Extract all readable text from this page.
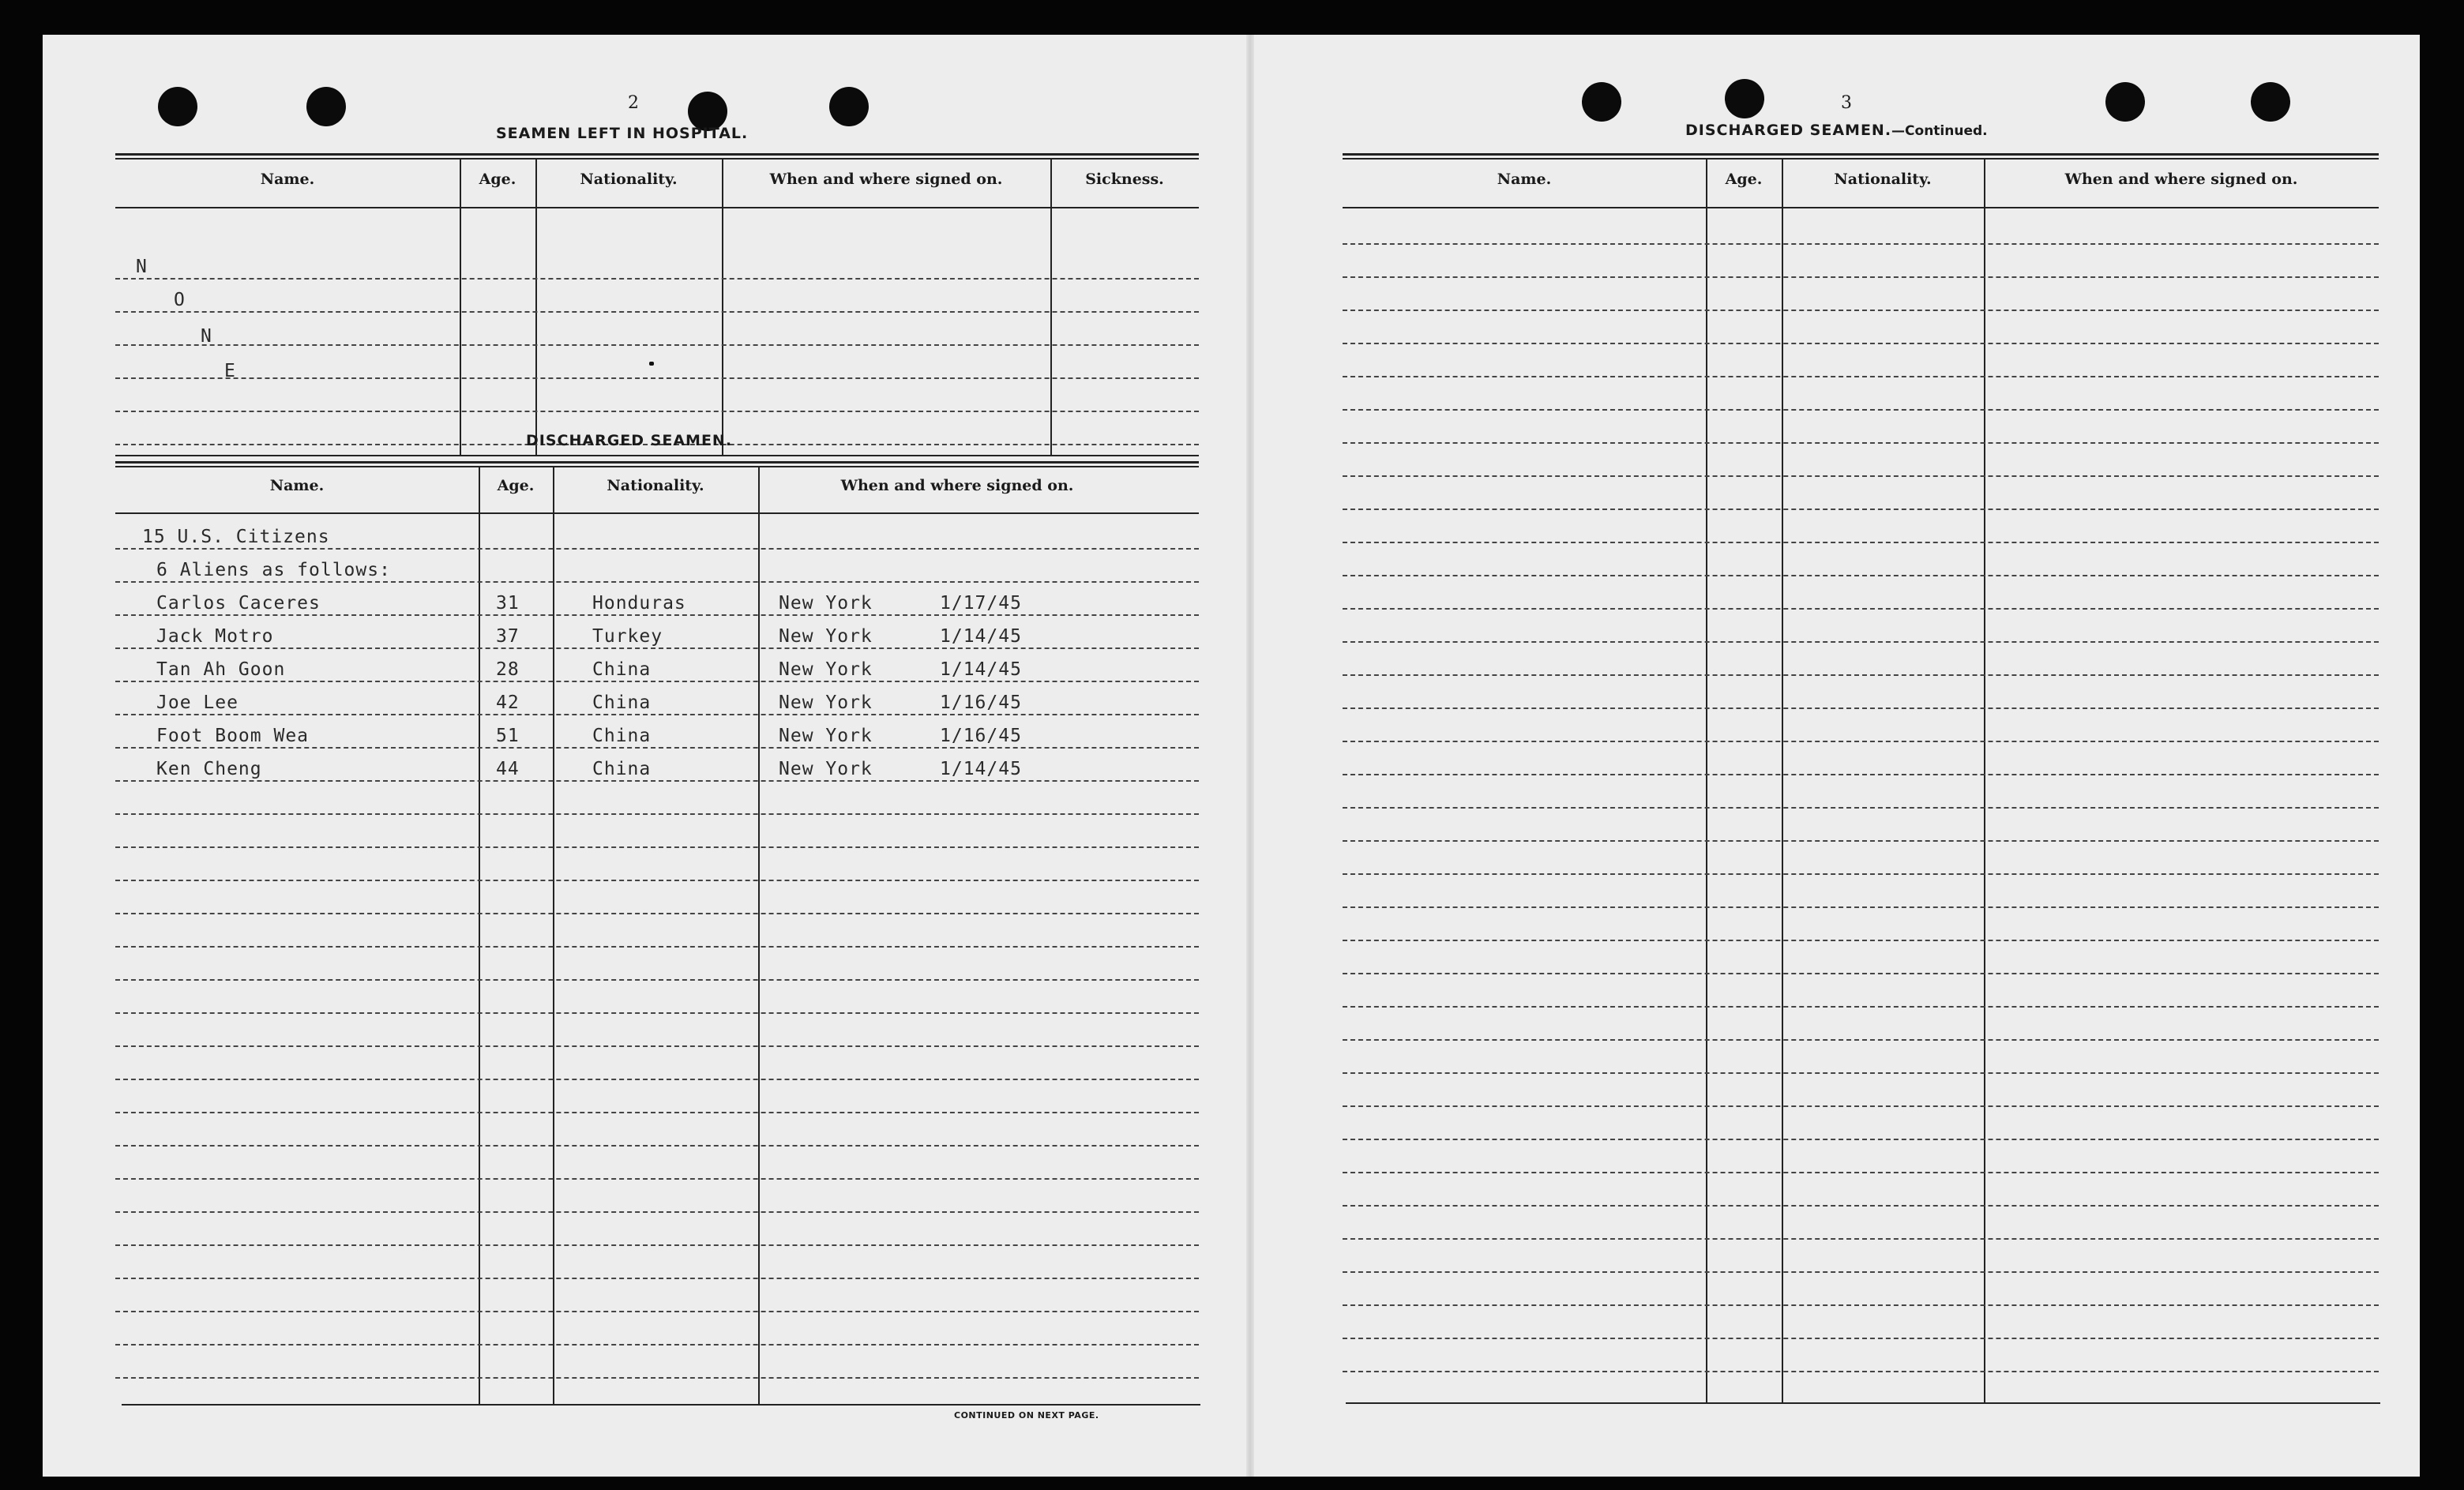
2
SEAMEN LEFT IN HOSPITAL.
Name.	Age.	Nationality.	When and where signed on.	Sickness.
N
O
N
E
DISCHARGED SEAMEN.
Name.	Age.	Nationality.	When and where signed on.
15 U.S. Citizens
6 Aliens as follows:
Carlos Caceres	31	Honduras	New York	1/17/45
Jack Motro	37	Turkey	New York	1/14/45
Tan Ah Goon	28	China	New York	1/14/45
Joe Lee	42	China	New York	1/16/45
Foot Boom Wea	51	China	New York	1/16/45
Ken Cheng	44	China	New York	1/14/45
CONTINUED ON NEXT PAGE.
3
DISCHARGED SEAMEN.—Continued.
Name.	Age.	Nationality.	When and where signed on.
